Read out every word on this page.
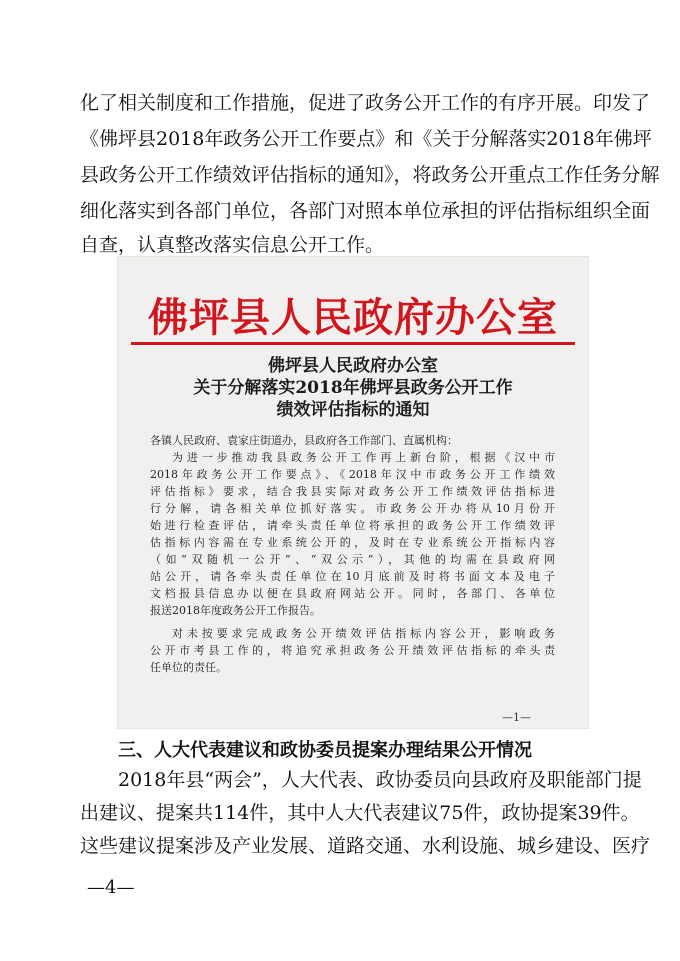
化了相关制度和工作措施，促进了政务公开工作的有序开展。印发了
《佛坪县2018年政务公开工作要点》和《关于分解落实2018年佛坪
县政务公开工作绩效评估指标的通知》，将政务公开重点工作任务分解
细化落实到各部门单位，各部门对照本单位承担的评估指标组织全面
自查，认真整改落实信息公开工作。
佛坪县人民政府办公室
佛坪县人民政府办公室
关于分解落实2018年佛坪县政务公开工作
绩效评估指标的通知
各镇人民政府、袁家庄街道办，县政府各工作部门、直属机构：
为进一步推动我县政务公开工作再上新台阶，根据《汉中市
2018年政务公开工作要点》、《2018年汉中市政务公开工作绩效
评估指标》要求，结合我县实际对政务公开工作绩效评估指标进
行分解，请各相关单位抓好落实。市政务公开办将从10月份开
始进行检查评估，请牵头责任单位将承担的政务公开工作绩效评
估指标内容需在专业系统公开的，及时在专业系统公开指标内容
（如“双随机一公开”、“双公示”），其他的均需在县政府网
站公开，请各牵头责任单位在10月底前及时将书面文本及电子
文档报县信息办以便在县政府网站公开。同时，各部门、各单位
报送2018年度政务公开工作报告。
对未按要求完成政务公开绩效评估指标内容公开，影响政务
公开市考县工作的，将追究承担政务公开绩效评估指标的牵头责
任单位的责任。
—1—
三、人大代表建议和政协委员提案办理结果公开情况
2018年县“两会”，人大代表、政协委员向县政府及职能部门提
出建议、提案共114件，其中人大代表建议75件，政协提案39件。
这些建议提案涉及产业发展、道路交通、水利设施、城乡建设、医疗
—4—
